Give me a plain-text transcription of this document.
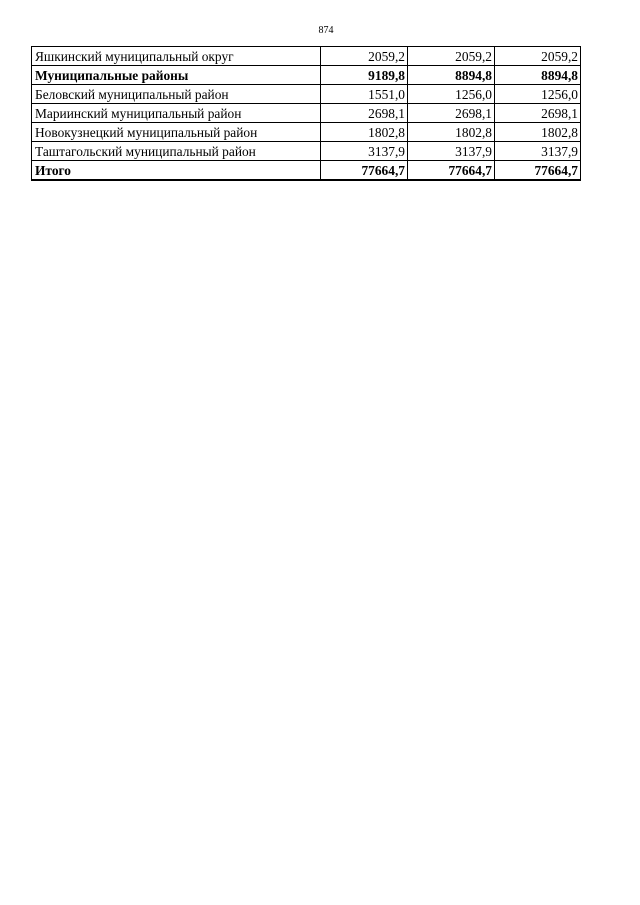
874
Яшкинский муниципальный округ	2059,2	2059,2	2059,2
Муниципальные районы	9189,8	8894,8	8894,8
Беловский муниципальный район	1551,0	1256,0	1256,0
Мариинский муниципальный район	2698,1	2698,1	2698,1
Новокузнецкий муниципальный район	1802,8	1802,8	1802,8
Таштагольский муниципальный район	3137,9	3137,9	3137,9
Итого	77664,7	77664,7	77664,7
